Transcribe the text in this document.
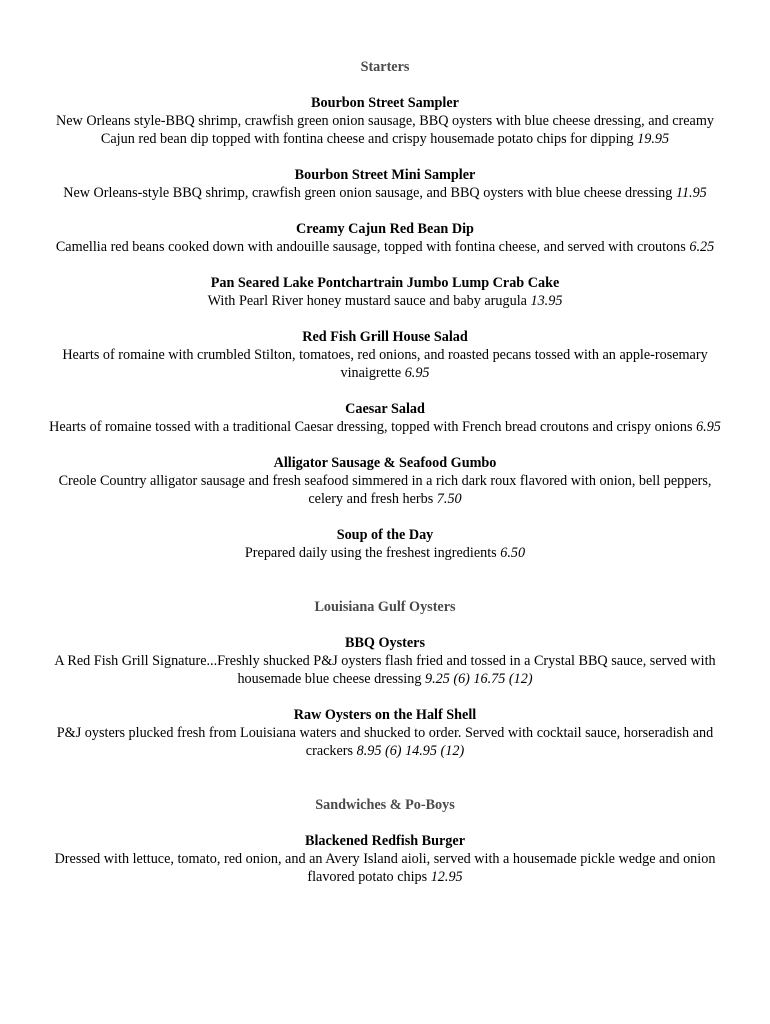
Starters
Bourbon Street Sampler
New Orleans style-BBQ shrimp, crawfish green onion sausage, BBQ oysters with blue cheese dressing, and creamy Cajun red bean dip topped with fontina cheese and crispy housemade potato chips for dipping 19.95
Bourbon Street Mini Sampler
New Orleans-style BBQ shrimp, crawfish green onion sausage, and BBQ oysters with blue cheese dressing 11.95
Creamy Cajun Red Bean Dip
Camellia red beans cooked down with andouille sausage, topped with fontina cheese, and served with croutons 6.25
Pan Seared Lake Pontchartrain Jumbo Lump Crab Cake
With Pearl River honey mustard sauce and baby arugula 13.95
Red Fish Grill House Salad
Hearts of romaine with crumbled Stilton, tomatoes, red onions, and roasted pecans tossed with an apple-rosemary vinaigrette 6.95
Caesar Salad
Hearts of romaine tossed with a traditional Caesar dressing, topped with French bread croutons and crispy onions 6.95
Alligator Sausage & Seafood Gumbo
Creole Country alligator sausage and fresh seafood simmered in a rich dark roux flavored with onion, bell peppers, celery and fresh herbs 7.50
Soup of the Day
Prepared daily using the freshest ingredients 6.50
Louisiana Gulf Oysters
BBQ Oysters
A Red Fish Grill Signature...Freshly shucked P&J oysters flash fried and tossed in a Crystal BBQ sauce, served with housemade blue cheese dressing 9.25 (6) 16.75 (12)
Raw Oysters on the Half Shell
P&J oysters plucked fresh from Louisiana waters and shucked to order. Served with cocktail sauce, horseradish and crackers 8.95 (6) 14.95 (12)
Sandwiches & Po-Boys
Blackened Redfish Burger
Dressed with lettuce, tomato, red onion, and an Avery Island aioli, served with a housemade pickle wedge and onion flavored potato chips 12.95
